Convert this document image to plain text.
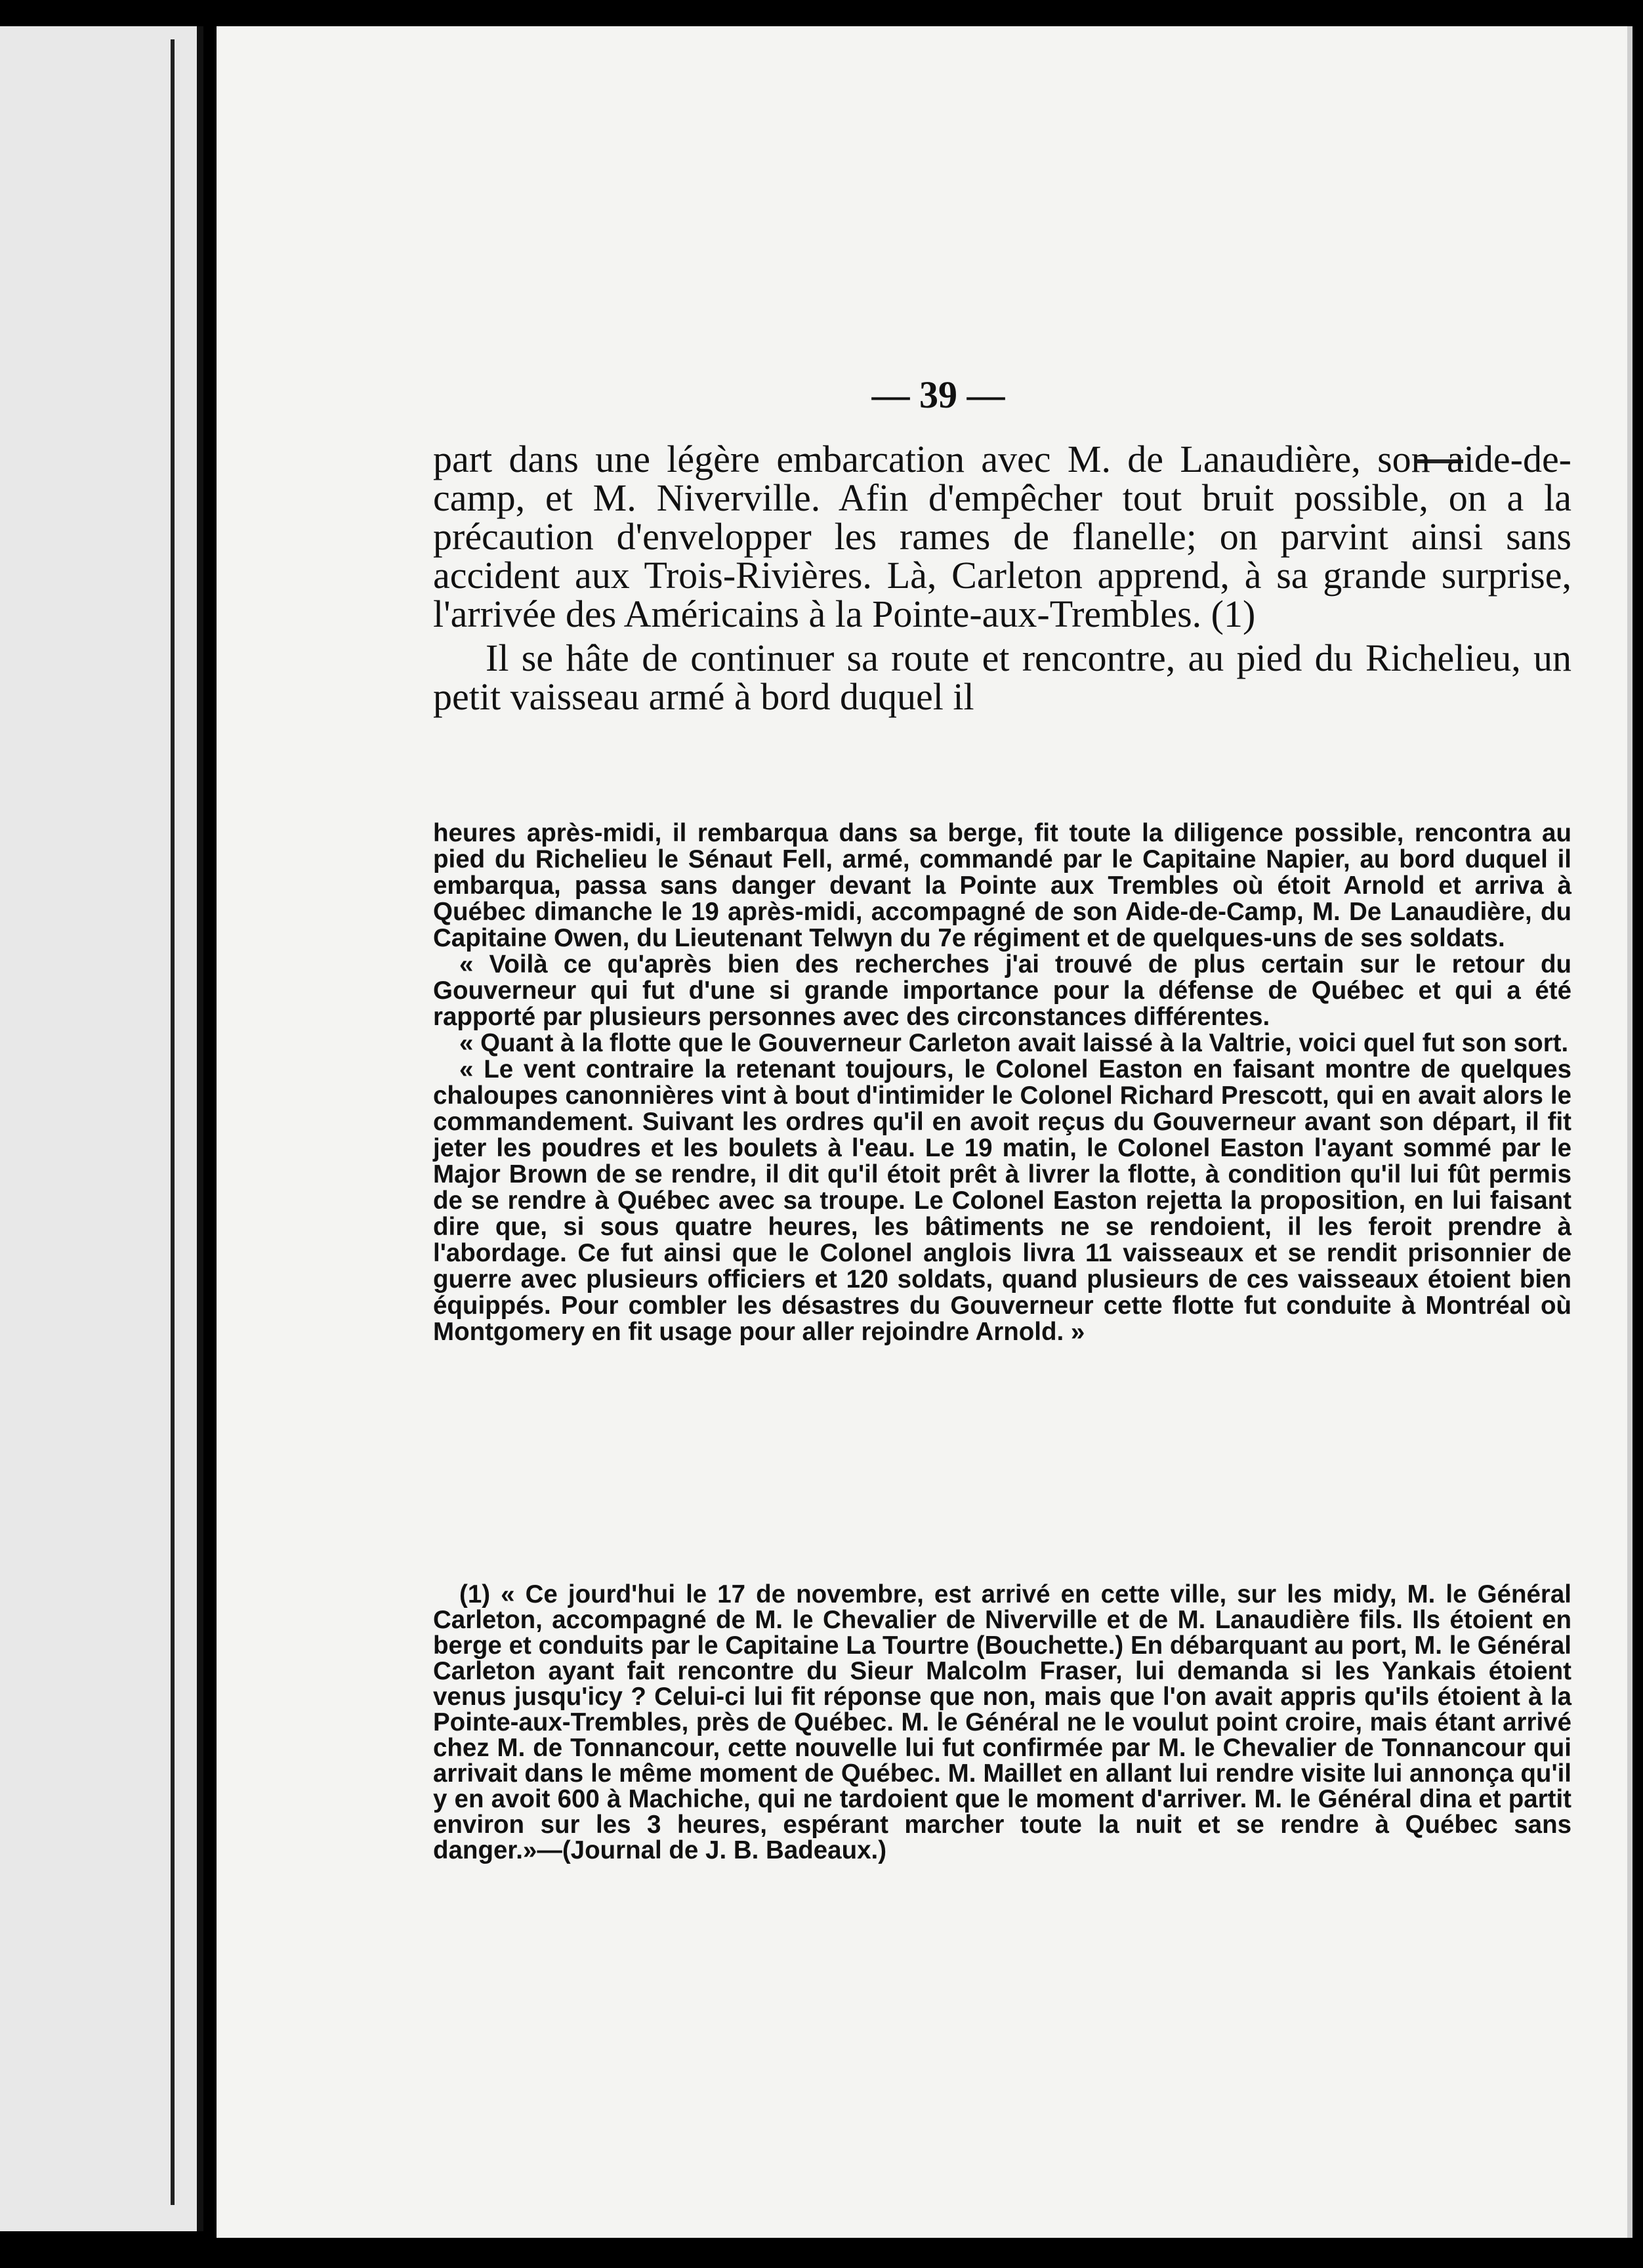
— 39 —

part dans une légère embarcation avec M. de Lanaudière, son aide-de-camp, et M. Niverville. Afin d'empêcher tout bruit possible, on a la précaution d'envelopper les rames de flanelle; on parvint ainsi sans accident aux Trois-Rivières. Là, Carleton apprend, à sa grande surprise, l'arrivée des Américains à la Pointe-aux-Trembles. (1)

Il se hâte de continuer sa route et rencontre, au pied du Richelieu, un petit vaisseau armé à bord duquel il

heures après-midi, il rembarqua dans sa berge, fit toute la diligence possible, rencontra au pied du Richelieu le Sénaut Fell, armé, commandé par le Capitaine Napier, au bord duquel il embarqua, passa sans danger devant la Pointe aux Trembles où étoit Arnold et arriva à Québec dimanche le 19 après-midi, accompagné de son Aide-de-Camp, M. De Lanaudière, du Capitaine Owen, du Lieutenant Telwyn du 7e régiment et de quelques-uns de ses soldats.

« Voilà ce qu'après bien des recherches j'ai trouvé de plus certain sur le retour du Gouverneur qui fut d'une si grande importance pour la défense de Québec et qui a été rapporté par plusieurs personnes avec des circonstances différentes.

« Quant à la flotte que le Gouverneur Carleton avait laissé à la Valtrie, voici quel fut son sort.

« Le vent contraire la retenant toujours, le Colonel Easton en faisant montre de quelques chaloupes canonnières vint à bout d'intimider le Colonel Richard Prescott, qui en avait alors le commandement. Suivant les ordres qu'il en avoit reçus du Gouverneur avant son départ, il fit jeter les poudres et les boulets à l'eau. Le 19 matin, le Colonel Easton l'ayant sommé par le Major Brown de se rendre, il dit qu'il étoit prêt à livrer la flotte, à condition qu'il lui fût permis de se rendre à Québec avec sa troupe. Le Colonel Easton rejetta la proposition, en lui faisant dire que, si sous quatre heures, les bâtiments ne se rendoient, il les feroit prendre à l'abordage. Ce fut ainsi que le Colonel anglois livra 11 vaisseaux et se rendit prisonnier de guerre avec plusieurs officiers et 120 soldats, quand plusieurs de ces vaisseaux étoient bien équippés. Pour combler les désastres du Gouverneur cette flotte fut conduite à Montréal où Montgomery en fit usage pour aller rejoindre Arnold. »

(1) « Ce jourd'hui le 17 de novembre, est arrivé en cette ville, sur les midy, M. le Général Carleton, accompagné de M. le Chevalier de Niverville et de M. Lanaudière fils. Ils étoient en berge et conduits par le Capitaine La Tourtre (Bouchette.) En débarquant au port, M. le Général Carleton ayant fait rencontre du Sieur Malcolm Fraser, lui demanda si les Yankais étoient venus jusqu'icy ? Celui-ci lui fit réponse que non, mais que l'on avait appris qu'ils étoient à la Pointe-aux-Trembles, près de Québec. M. le Général ne le voulut point croire, mais étant arrivé chez M. de Tonnancour, cette nouvelle lui fut confirmée par M. le Chevalier de Tonnancour qui arrivait dans le même moment de Québec. M. Maillet en allant lui rendre visite lui annonça qu'il y en avoit 600 à Machiche, qui ne tardoient que le moment d'arriver. M. le Général dina et partit environ sur les 3 heures, espérant marcher toute la nuit et se rendre à Québec sans danger.»—(Journal de J. B. Badeaux.)
